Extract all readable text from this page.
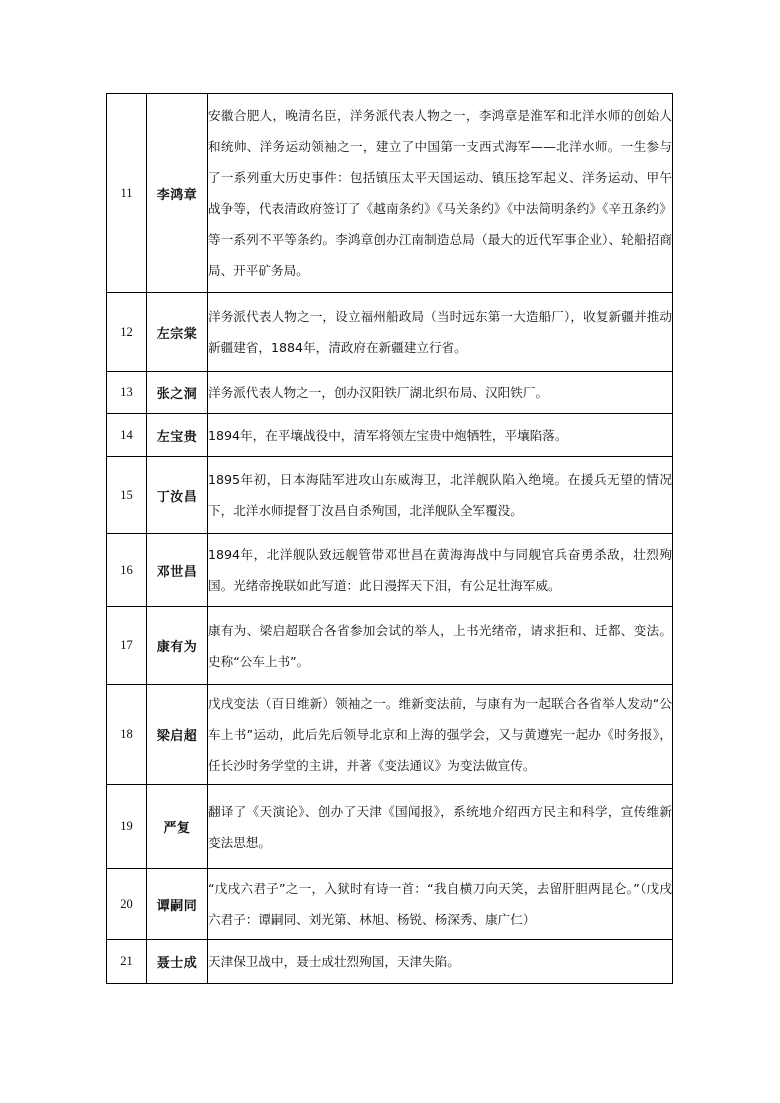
11	李鸿章	安徽合肥人，晚清名臣，洋务派代表人物之一，李鸿章是淮军和北洋水师的创始人和统帅、洋务运动领袖之一，建立了中国第一支西式海军——北洋水师。一生参与了一系列重大历史事件：包括镇压太平天国运动、镇压捻军起义、洋务运动、甲午战争等，代表清政府签订了《越南条约》《马关条约》《中法简明条约》《辛丑条约》等一系列不平等条约。李鸿章创办江南制造总局（最大的近代军事企业）、轮船招商局、开平矿务局。
12	左宗棠	洋务派代表人物之一，设立福州船政局（当时远东第一大造船厂），收复新疆并推动新疆建省，1884年，清政府在新疆建立行省。
13	张之洞	洋务派代表人物之一，创办汉阳铁厂湖北织布局、汉阳铁厂。
14	左宝贵	1894年，在平壤战役中，清军将领左宝贵中炮牺牲，平壤陷落。
15	丁汝昌	1895年初，日本海陆军进攻山东威海卫，北洋舰队陷入绝境。在援兵无望的情况下，北洋水师提督丁汝昌自杀殉国，北洋舰队全军覆没。
16	邓世昌	1894年，北洋舰队致远舰管带邓世昌在黄海海战中与同舰官兵奋勇杀敌，壮烈殉国。光绪帝挽联如此写道：此日漫挥天下泪，有公足壮海军威。
17	康有为	康有为、梁启超联合各省参加会试的举人，上书光绪帝，请求拒和、迁都、变法。史称“公车上书”。
18	梁启超	戊戌变法（百日维新）领袖之一。维新变法前，与康有为一起联合各省举人发动“公车上书”运动，此后先后领导北京和上海的强学会，又与黄遵宪一起办《时务报》，任长沙时务学堂的主讲，并著《变法通议》为变法做宣传。
19	严复	翻译了《天演论》、创办了天津《国闻报》，系统地介绍西方民主和科学，宣传维新变法思想。
20	谭嗣同	“戊戌六君子”之一，入狱时有诗一首：“我自横刀向天笑，去留肝胆两昆仑。”（戊戌六君子：谭嗣同、刘光第、林旭、杨锐、杨深秀、康广仁）
21	聂士成	天津保卫战中，聂士成壮烈殉国，天津失陷。
